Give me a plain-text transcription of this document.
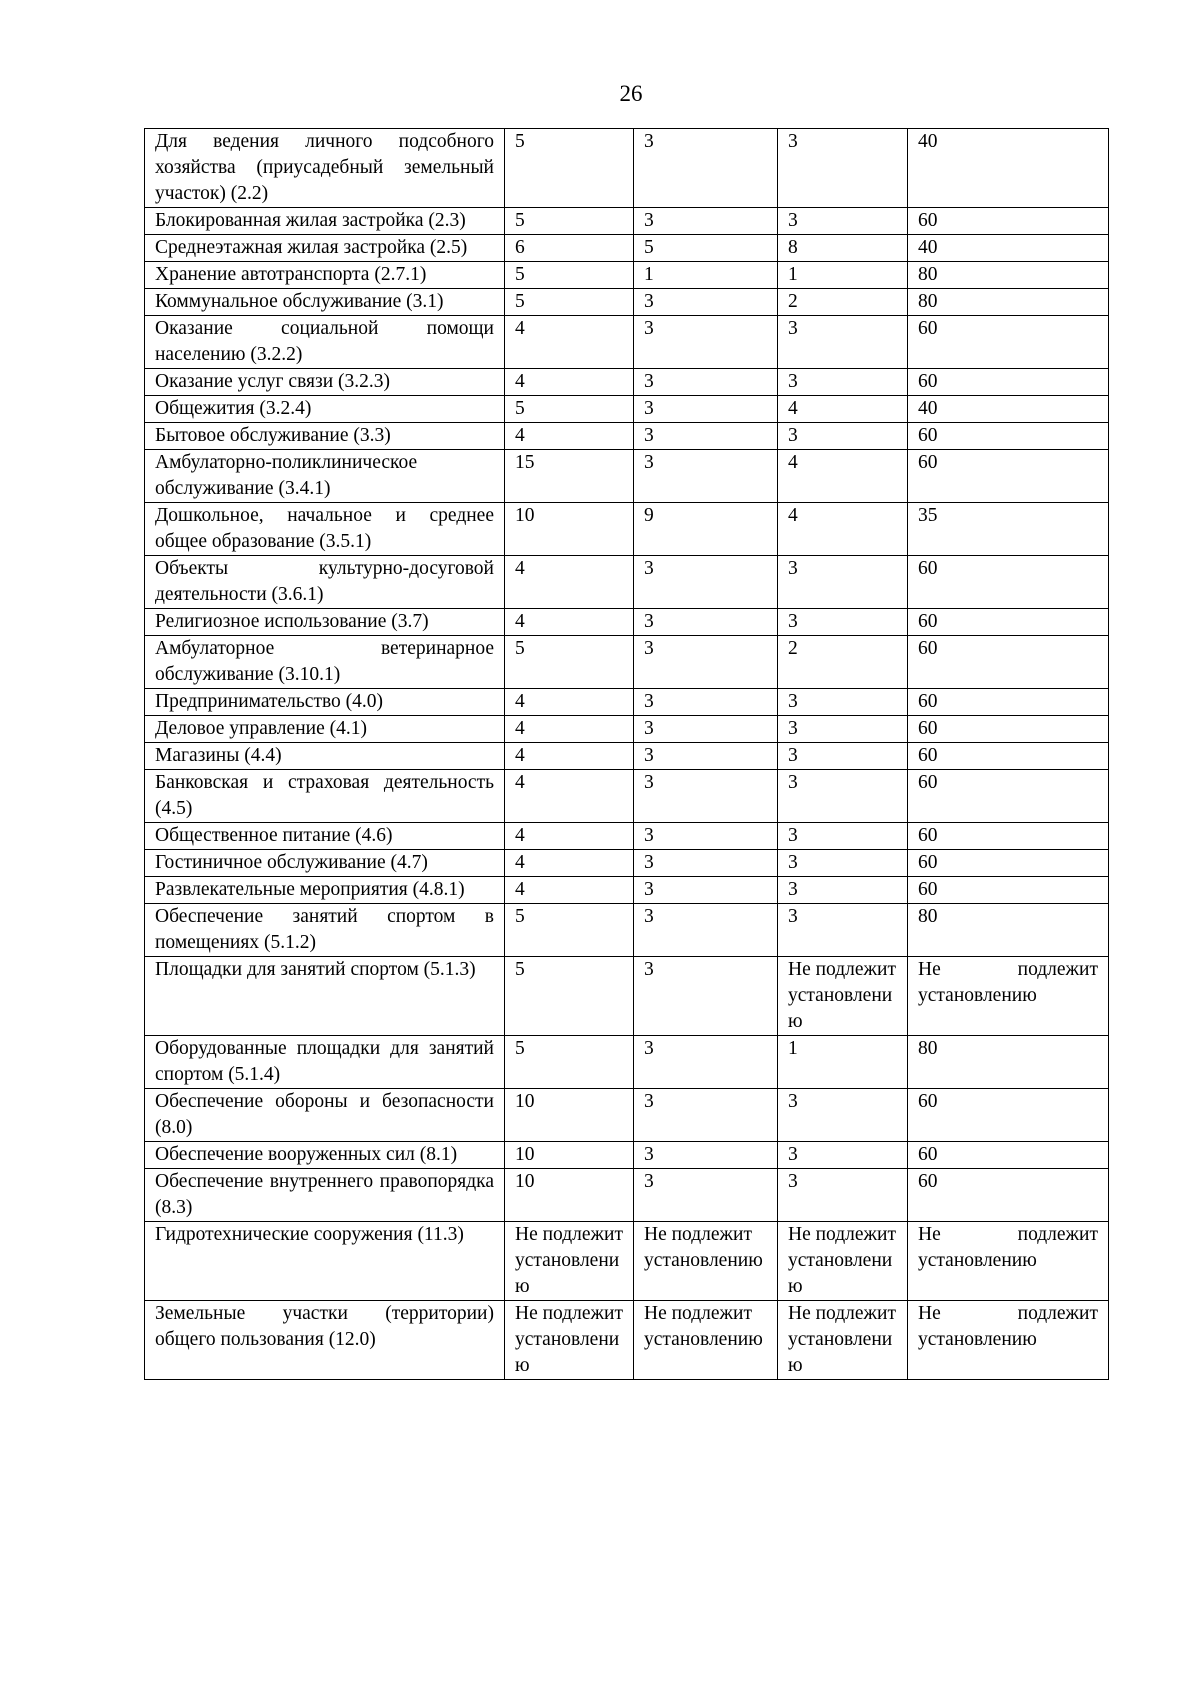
26
Для ведения личного подсобного хозяйства (приусадебный земельный участок) (2.2)	5	3	3	40
Блокированная жилая застройка (2.3)	5	3	3	60
Среднеэтажная жилая застройка (2.5)	6	5	8	40
Хранение автотранспорта (2.7.1)	5	1	1	80
Коммунальное обслуживание (3.1)	5	3	2	80
Оказание социальной помощи населению (3.2.2)	4	3	3	60
Оказание услуг связи (3.2.3)	4	3	3	60
Общежития (3.2.4)	5	3	4	40
Бытовое обслуживание (3.3)	4	3	3	60
Амбулаторно-поликлиническое обслуживание (3.4.1)	15	3	4	60
Дошкольное, начальное и среднее общее образование (3.5.1)	10	9	4	35
Объекты культурно-досуговой деятельности (3.6.1)	4	3	3	60
Религиозное использование (3.7)	4	3	3	60
Амбулаторное ветеринарное обслуживание (3.10.1)	5	3	2	60
Предпринимательство (4.0)	4	3	3	60
Деловое управление (4.1)	4	3	3	60
Магазины (4.4)	4	3	3	60
Банковская и страховая деятельность (4.5)	4	3	3	60
Общественное питание (4.6)	4	3	3	60
Гостиничное обслуживание (4.7)	4	3	3	60
Развлекательные мероприятия (4.8.1)	4	3	3	60
Обеспечение занятий спортом в помещениях (5.1.2)	5	3	3	80
Площадки для занятий спортом (5.1.3)	5	3	Не подлежит установлению	Не подлежит установлению
Оборудованные площадки для занятий спортом (5.1.4)	5	3	1	80
Обеспечение обороны и безопасности (8.0)	10	3	3	60
Обеспечение вооруженных сил (8.1)	10	3	3	60
Обеспечение внутреннего правопорядка (8.3)	10	3	3	60
Гидротехнические сооружения (11.3)	Не подлежит установлению	Не подлежит установлению	Не подлежит установлению	Не подлежит установлению
Земельные участки (территории) общего пользования (12.0)	Не подлежит установлению	Не подлежит установлению	Не подлежит установлению	Не подлежит установлению
